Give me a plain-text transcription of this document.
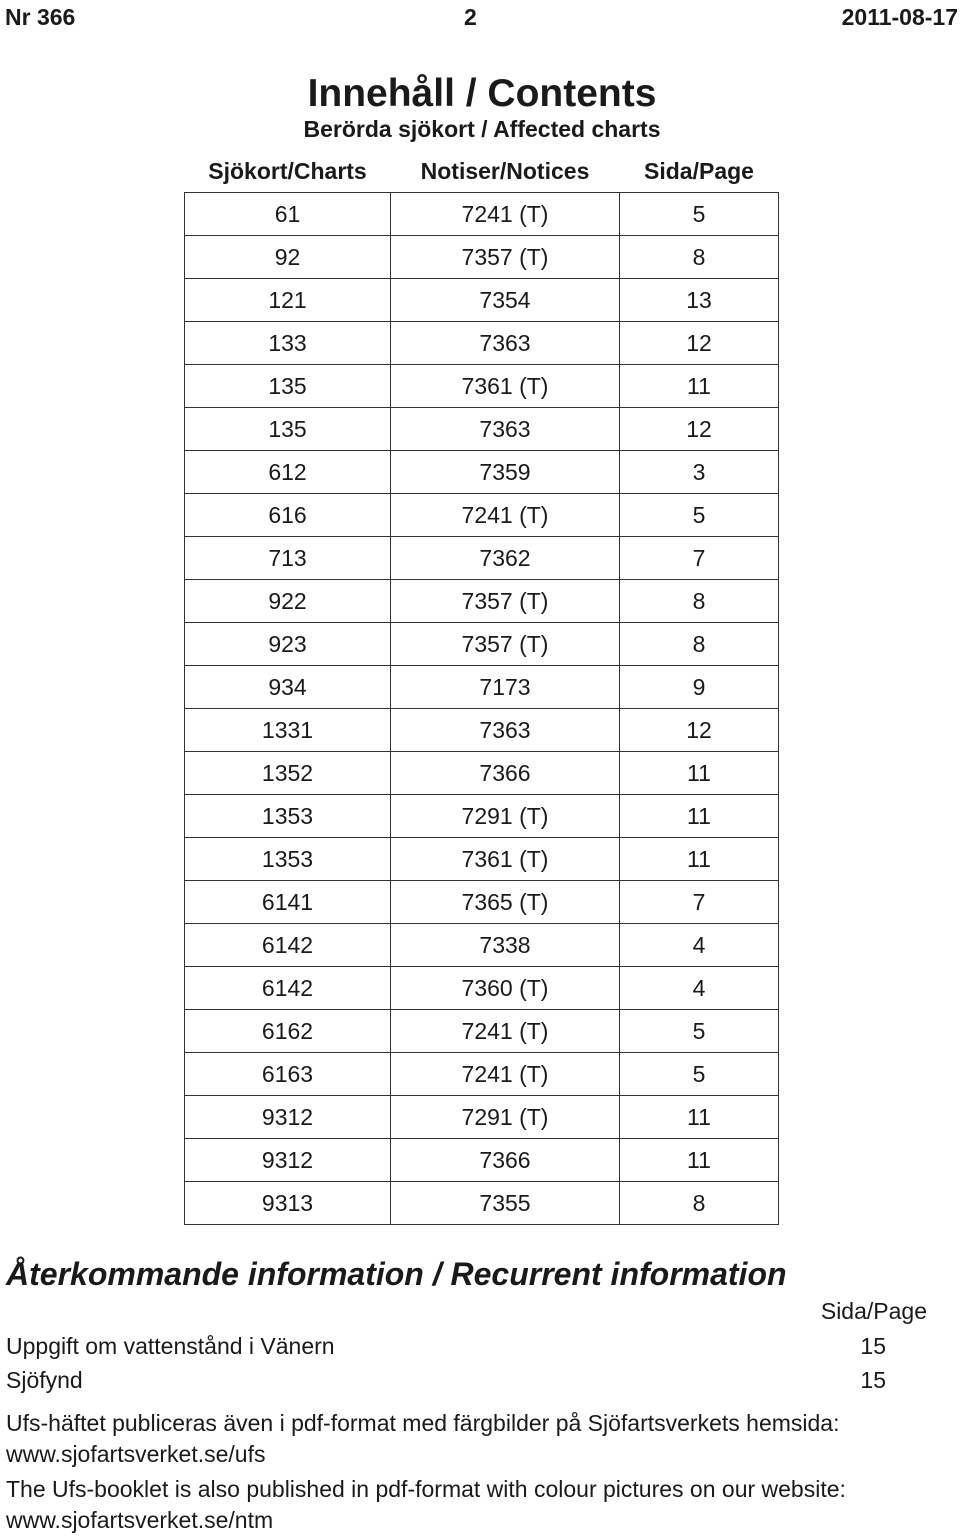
Nr 366	2	2011-08-17
Innehåll / Contents
Berörda sjökort / Affected charts
Sjökort/Charts	Notiser/Notices	Sida/Page
61	7241 (T)	5
92	7357 (T)	8
121	7354	13
133	7363	12
135	7361 (T)	11
135	7363	12
612	7359	3
616	7241 (T)	5
713	7362	7
922	7357 (T)	8
923	7357 (T)	8
934	7173	9
1331	7363	12
1352	7366	11
1353	7291 (T)	11
1353	7361 (T)	11
6141	7365 (T)	7
6142	7338	4
6142	7360 (T)	4
6162	7241 (T)	5
6163	7241 (T)	5
9312	7291 (T)	11
9312	7366	11
9313	7355	8
Återkommande information / Recurrent information
Sida/Page
Uppgift om vattenstånd i Vänern	15
Sjöfynd	15

Ufs-häftet publiceras även i pdf-format med färgbilder på Sjöfartsverkets hemsida: www.sjofartsverket.se/ufs

The Ufs-booklet is also published in pdf-format with colour pictures on our website: www.sjofartsverket.se/ntm
